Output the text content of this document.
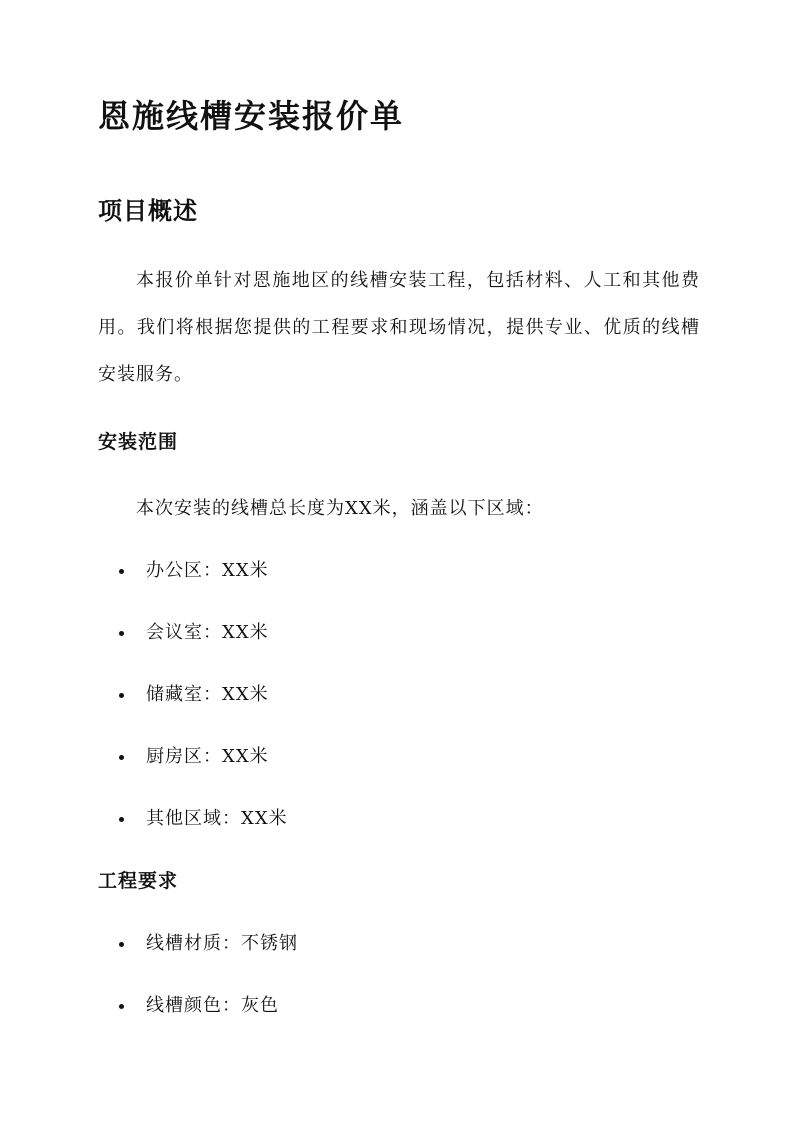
恩施线槽安装报价单
项目概述

本报价单针对恩施地区的线槽安装工程，包括材料、人工和其他费用。我们将根据您提供的工程要求和现场情况，提供专业、优质的线槽安装服务。

安装范围

本次安装的线槽总长度为XX米，涵盖以下区域：

办公区：XX米
会议室：XX米
储藏室：XX米
厨房区：XX米
其他区域：XX米
工程要求
线槽材质：不锈钢
线槽颜色：灰色
